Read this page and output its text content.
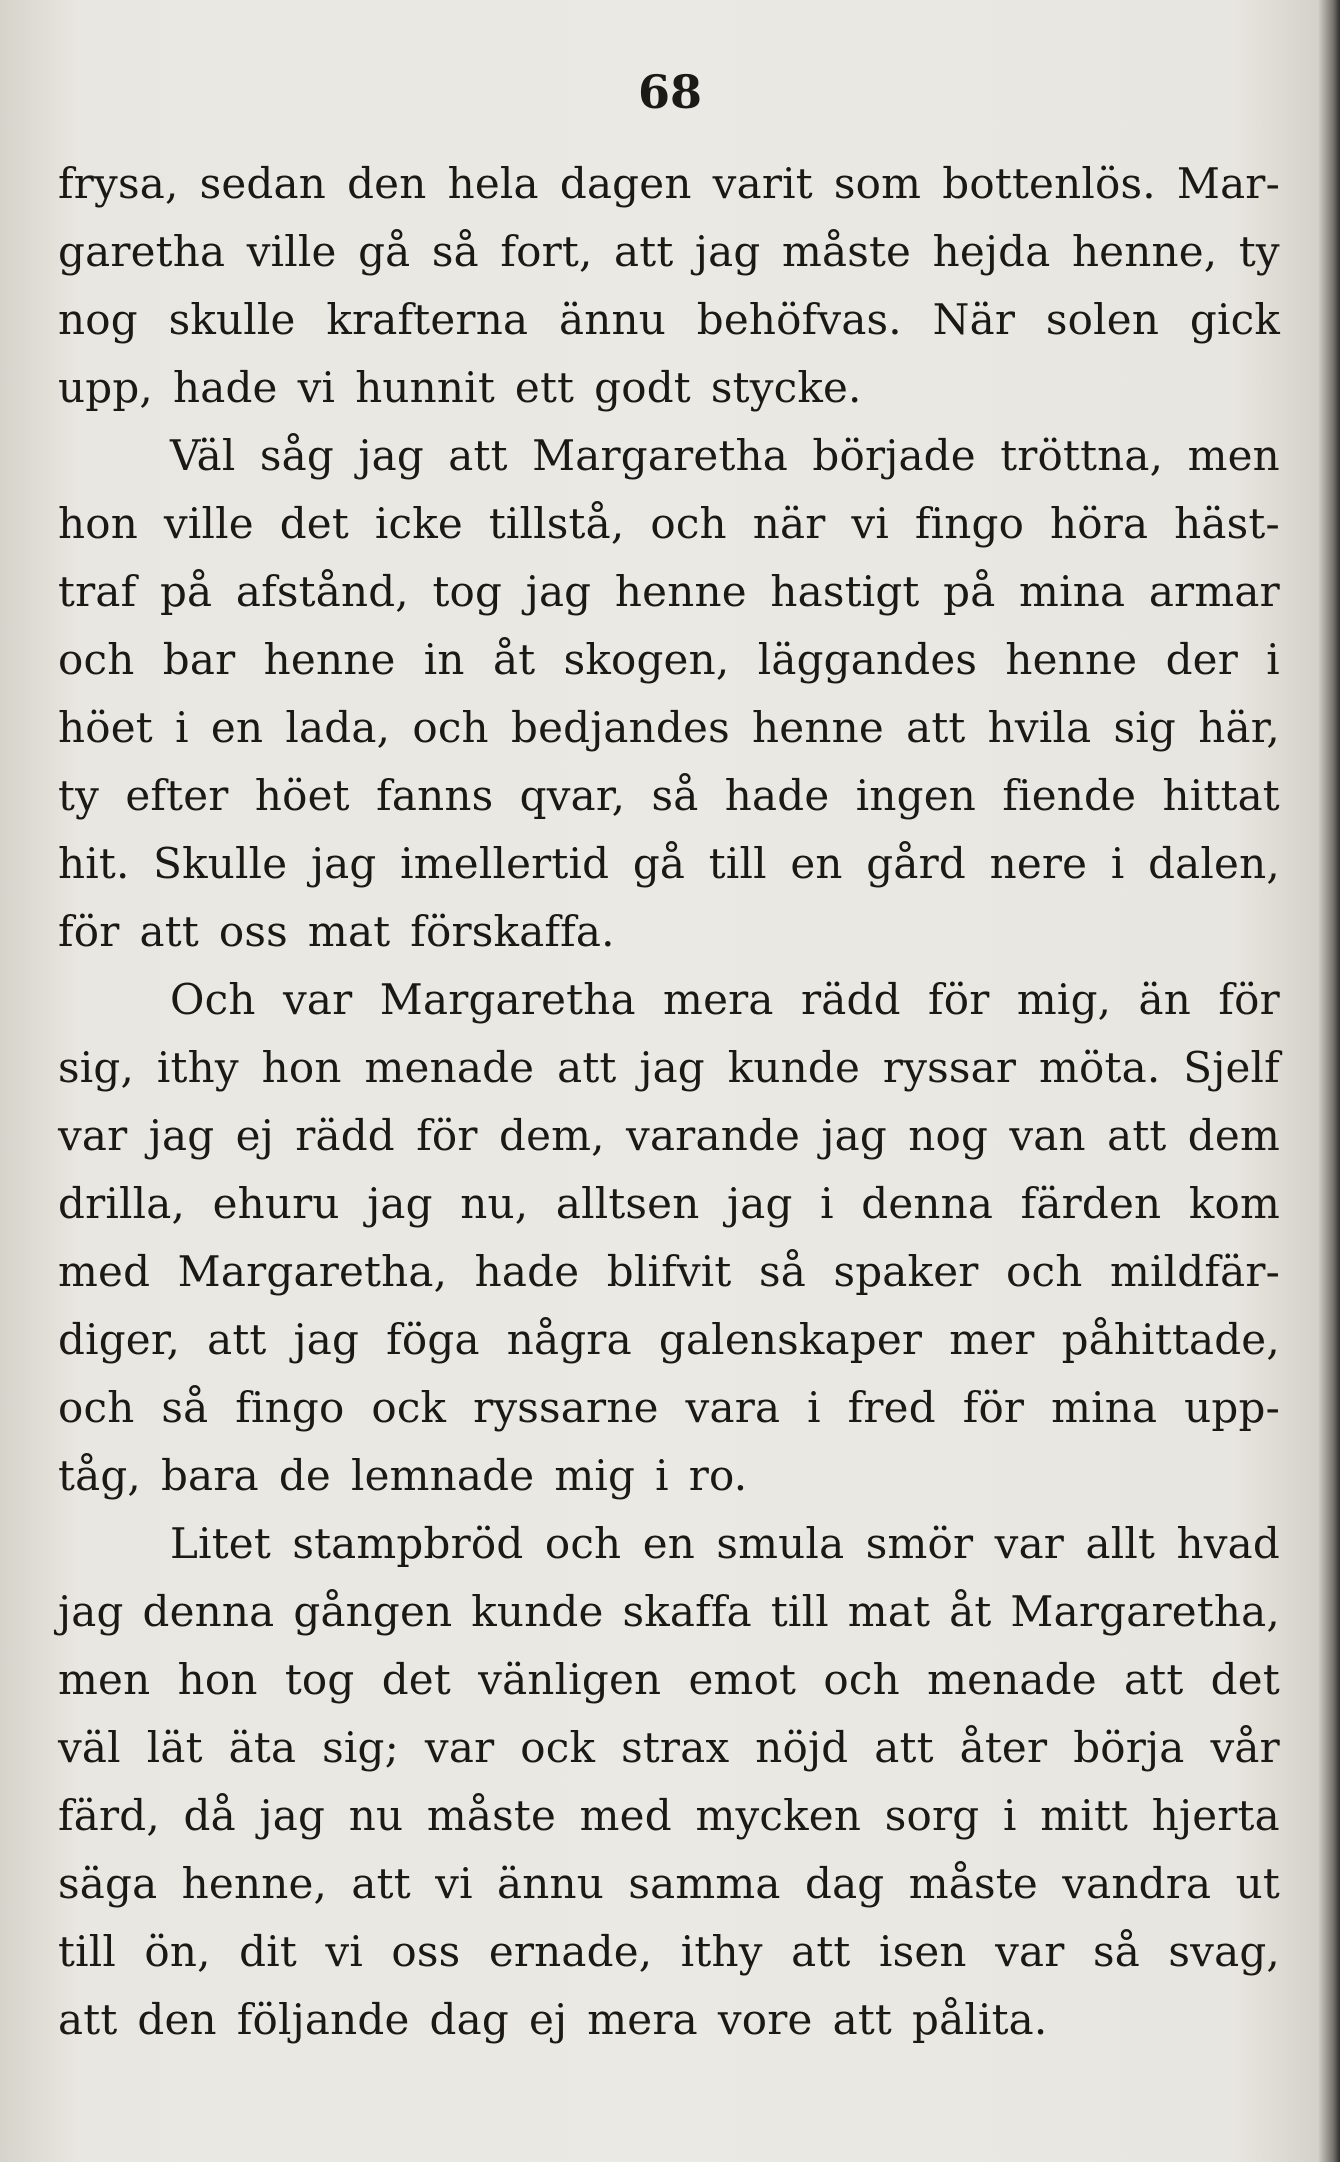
68

frysa, sedan den hela dagen varit som bottenlös. Mar-
garetha ville gå så fort, att jag måste hejda henne, ty
nog skulle krafterna ännu behöfvas. När solen gick
upp, hade vi hunnit ett godt stycke.
Väl såg jag att Margaretha började tröttna, men
hon ville det icke tillstå, och när vi fingo höra häst-
traf på afstånd, tog jag henne hastigt på mina armar
och bar henne in åt skogen, läggandes henne der i
höet i en lada, och bedjandes henne att hvila sig här,
ty efter höet fanns qvar, så hade ingen fiende hittat
hit. Skulle jag imellertid gå till en gård nere i dalen,
för att oss mat förskaffa.
Och var Margaretha mera rädd för mig, än för
sig, ithy hon menade att jag kunde ryssar möta. Sjelf
var jag ej rädd för dem, varande jag nog van att dem
drilla, ehuru jag nu, alltsen jag i denna färden kom
med Margaretha, hade blifvit så spaker och mildfär-
diger, att jag föga några galenskaper mer påhittade,
och så fingo ock ryssarne vara i fred för mina upp-
tåg, bara de lemnade mig i ro.
Litet stampbröd och en smula smör var allt hvad
jag denna gången kunde skaffa till mat åt Margaretha,
men hon tog det vänligen emot och menade att det
väl lät äta sig; var ock strax nöjd att åter börja vår
färd, då jag nu måste med mycken sorg i mitt hjerta
säga henne, att vi ännu samma dag måste vandra ut
till ön, dit vi oss ernade, ithy att isen var så svag,
att den följande dag ej mera vore att pålita.
